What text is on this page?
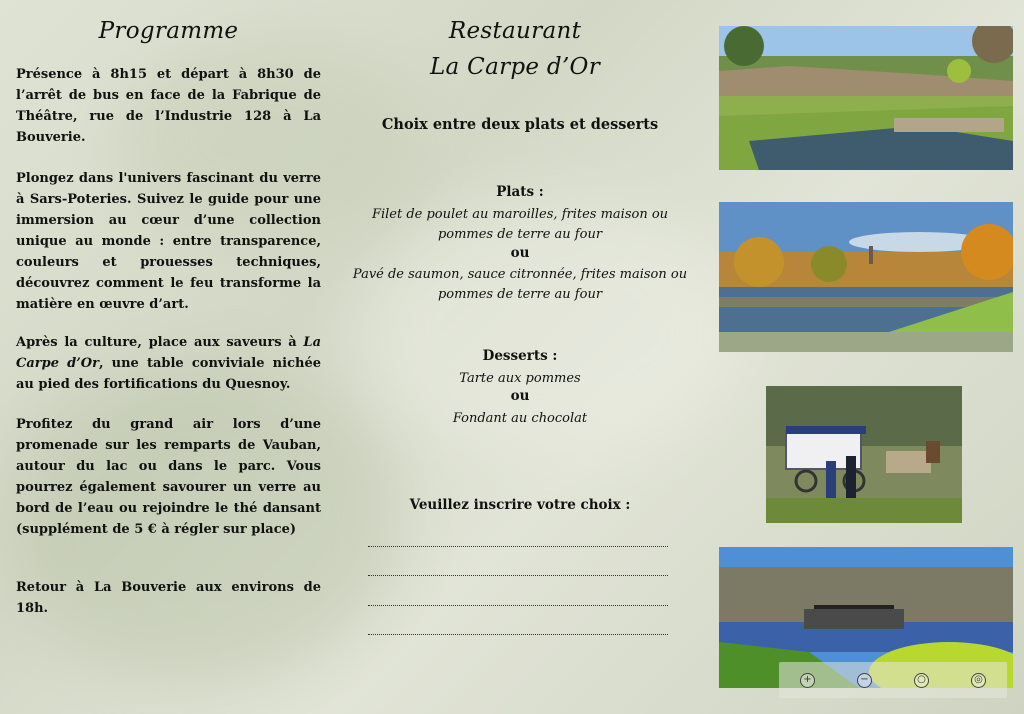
Programme

Présence à 8h15 et départ à 8h30 de l’arrêt de bus en face de la Fabrique de Théâtre, rue de l’Industrie 128 à La Bouverie.

Plongez dans l'univers fascinant du verre à Sars-Poteries. Suivez le guide pour une immersion au cœur d’une collection unique au monde : entre transparence, couleurs et prouesses techniques, découvrez comment le feu transforme la matière en œuvre d’art.

Après la culture, place aux saveurs à La Carpe d’Or, une table conviviale nichée au pied des fortifications du Quesnoy.

Profitez du grand air lors d’une promenade sur les remparts de Vauban, autour du lac ou dans le parc. Vous pourrez également savourer un verre au bord de l’eau ou rejoindre le thé dansant (supplément de 5 € à régler sur place)

Retour à La Bouverie aux environs de 18h.

Restaurant
La Carpe d’Or

Choix entre deux plats et desserts

Plats :

Filet de poulet au maroilles, frites maison ou pommes de terre au four

ou

Pavé de saumon, sauce citronnée, frites maison ou pommes de terre au four

Desserts :

Tarte aux pommes

ou

Fondant au chocolat

Veuillez inscrire votre choix :

+	−	○	◎
